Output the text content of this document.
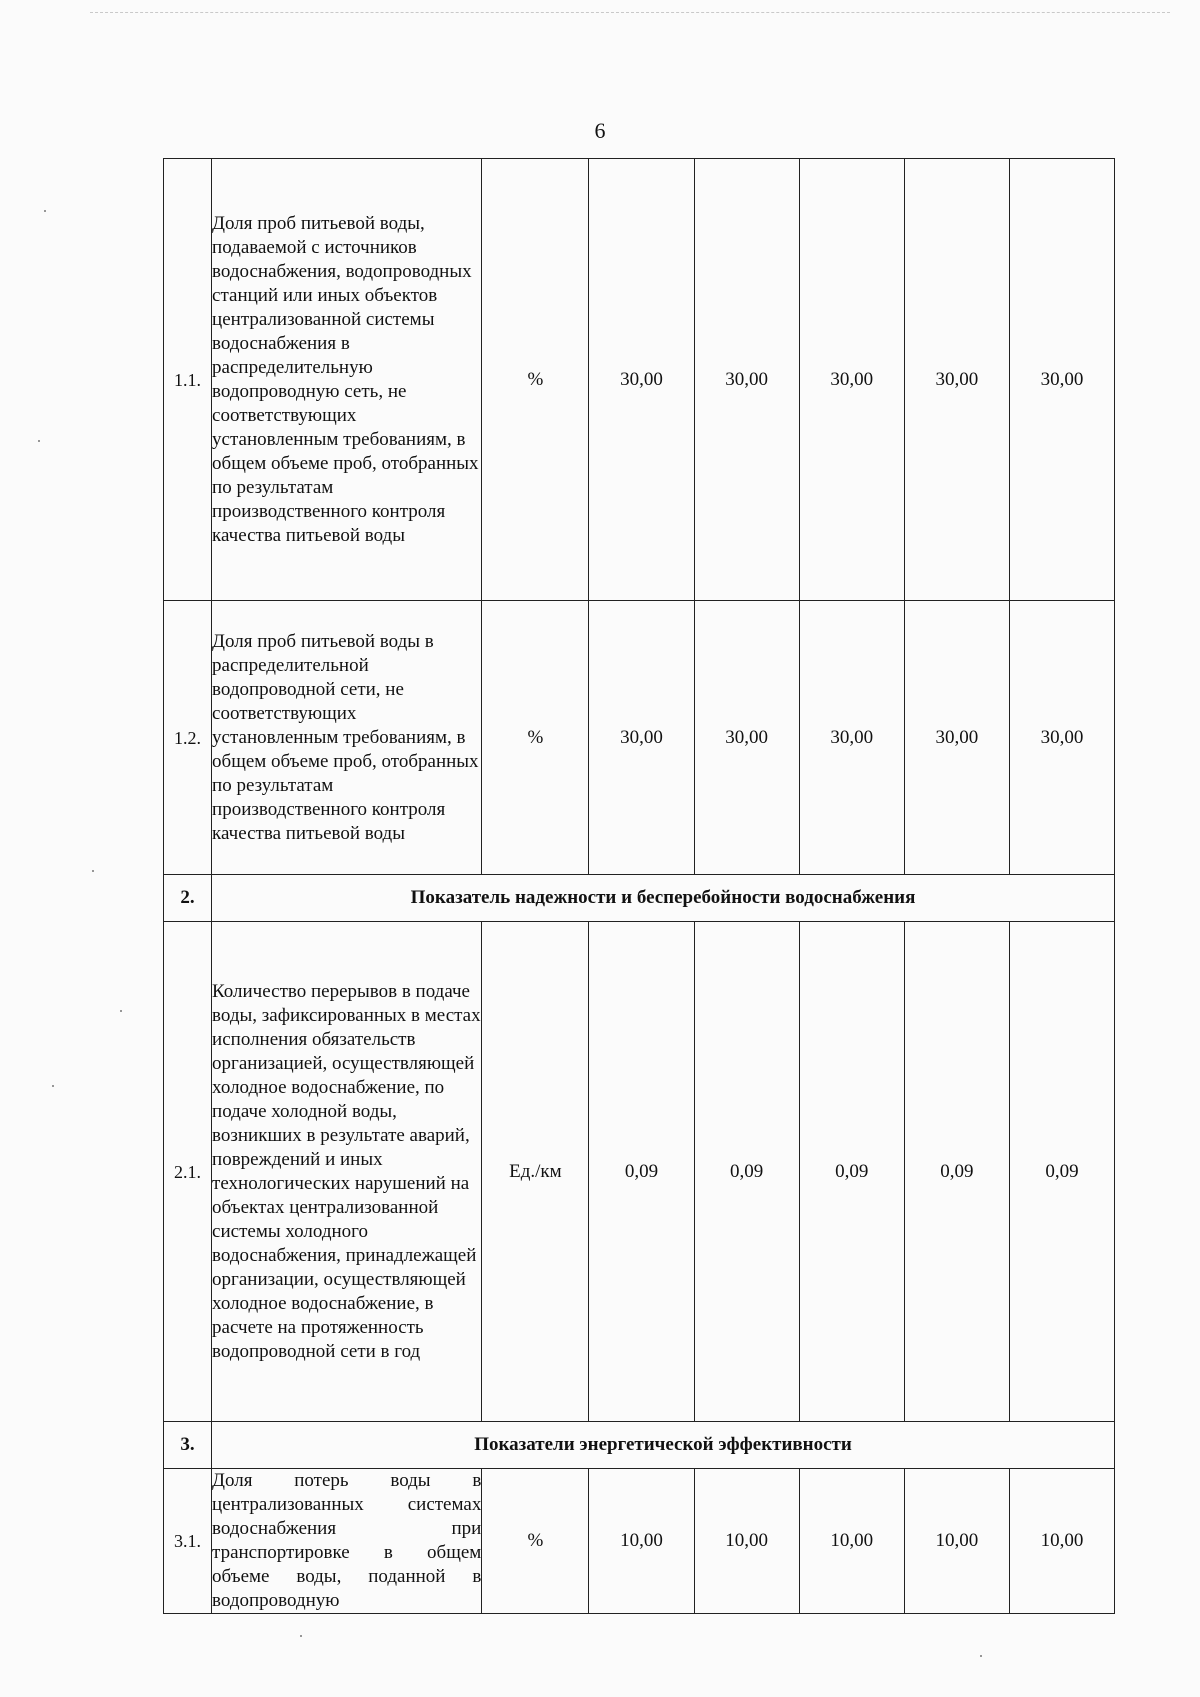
6
1.1.	Доля проб питьевой воды, подаваемой с источников водоснабжения, водопроводных станций или иных объектов централизованной системы водоснабжения в распределительную водопроводную сеть, не соответствующих установленным требованиям, в общем объеме проб, отобранных по результатам производственного контроля качества питьевой воды	%	30,00	30,00	30,00	30,00	30,00
1.2.	Доля проб питьевой воды в распределительной водопроводной сети, не соответствующих установленным требованиям, в общем объеме проб, отобранных по результатам производственного контроля качества питьевой воды	%	30,00	30,00	30,00	30,00	30,00
2.	Показатель надежности и бесперебойности водоснабжения						
2.1.	Количество перерывов в подаче воды, зафиксированных в местах исполнения обязательств организацией, осуществляющей холодное водоснабжение, по подаче холодной воды, возникших в результате аварий, повреждений и иных технологических нарушений на объектах централизованной системы холодного водоснабжения, принадлежащей организации, осуществляющей холодное водоснабжение, в расчете на протяженность водопроводной сети в год	Ед./км	0,09	0,09	0,09	0,09	0,09
3.	Показатели энергетической эффективности						
3.1.	Доля потерь воды в централизованных системах водоснабжения при транспортировке в общем объеме воды, поданной в водопроводную	%	10,00	10,00	10,00	10,00	10,00
